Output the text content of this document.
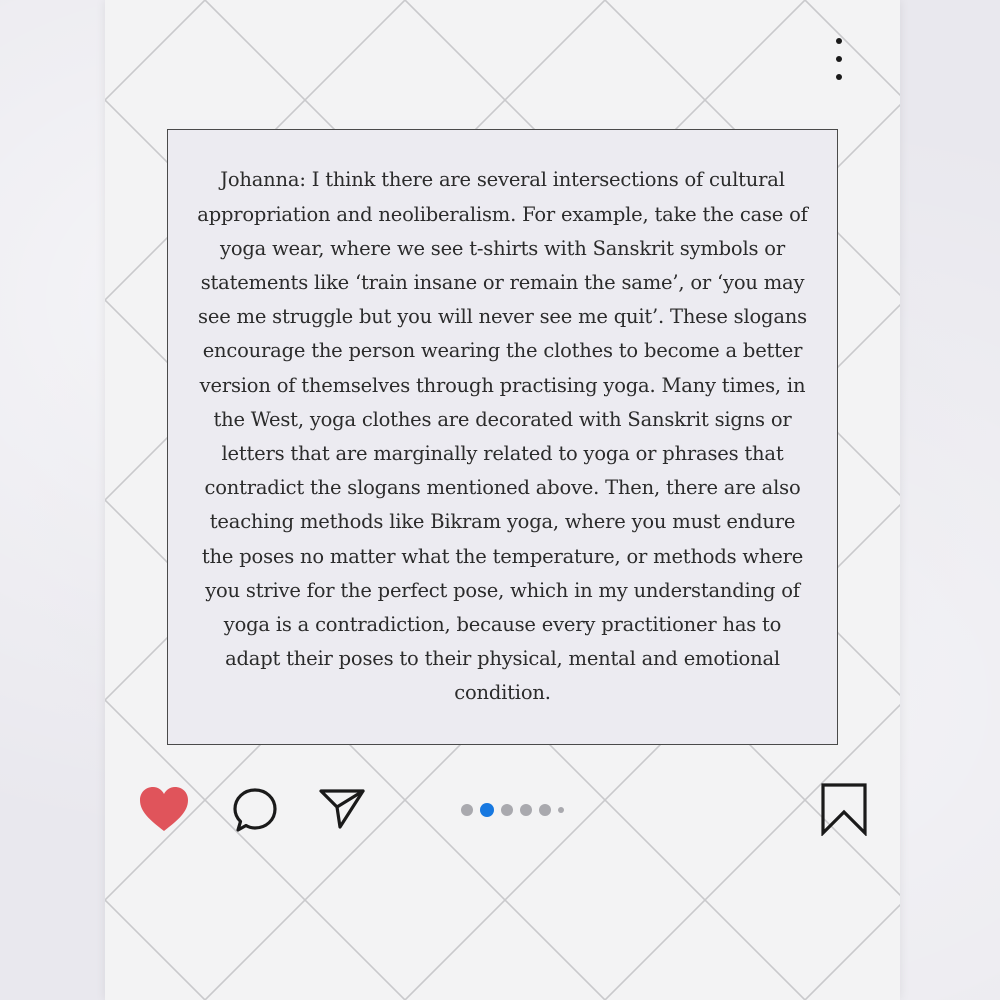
Johanna: I think there are several intersections of cultural appropriation and neoliberalism. For example, take the case of yoga wear, where we see t-shirts with Sanskrit symbols or statements like ‘train insane or remain the same’, or ‘you may see me struggle but you will never see me quit’. These slogans encourage the person wearing the clothes to become a better version of themselves through practising yoga. Many times, in the West, yoga clothes are decorated with Sanskrit signs or letters that are marginally related to yoga or phrases that contradict the slogans mentioned above. Then, there are also teaching methods like Bikram yoga, where you must endure the poses no matter what the temperature, or methods where you strive for the perfect pose, which in my understanding of yoga is a contradiction, because every practitioner has to adapt their poses to their physical, mental and emotional condition.
